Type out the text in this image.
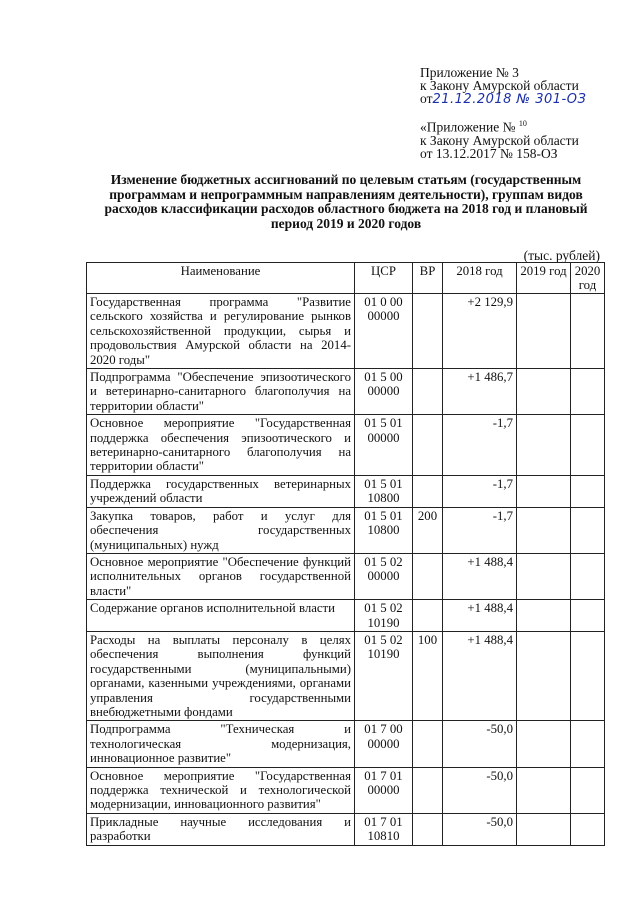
Приложение № 3
к Закону Амурской области
от21.12.2018 № 301-ОЗ
«Приложение № $^{10}$
к Закону Амурской области
от 13.12.2017 № 158-ОЗ
Изменение бюджетных ассигнований по целевым статьям (государственным программам и непрограммным направлениям деятельности), группам видов расходов классификации расходов областного бюджета на 2018 год и плановый период 2019 и 2020 годов
(тыс. рублей)
Наименование	ЦСР	ВР	2018 год	2019 год	2020 год
Государственная программа "Развитие сельского хозяйства и регулирование рынков сельскохозяйственной продукции, сырья и продовольствия Амурской области на 2014-2020 годы"	01 0 00 00000		+2 129,9		
Подпрограмма "Обеспечение эпизоотического и ветеринарно-санитарного благополучия на территории области"	01 5 00 00000		+1 486,7		
Основное мероприятие "Государственная поддержка обеспечения эпизоотического и ветеринарно-санитарного благополучия на территории области"	01 5 01 00000		-1,7		
Поддержка государственных ветеринарных учреждений области	01 5 01 10800		-1,7		
Закупка товаров, работ и услуг для обеспечения государственных (муниципальных) нужд	01 5 01 10800	200	-1,7		
Основное мероприятие "Обеспечение функций исполнительных органов государственной власти"	01 5 02 00000		+1 488,4		
Содержание органов исполнительной власти	01 5 02 10190		+1 488,4		
Расходы на выплаты персоналу в целях обеспечения выполнения функций государственными (муниципальными) органами, казенными учреждениями, органами управления государственными внебюджетными фондами	01 5 02 10190	100	+1 488,4		
Подпрограмма "Техническая и технологическая модернизация, инновационное развитие"	01 7 00 00000		-50,0		
Основное мероприятие "Государственная поддержка технической и технологической модернизации, инновационного развития"	01 7 01 00000		-50,0		
Прикладные научные исследования и разработки	01 7 01 10810		-50,0		
